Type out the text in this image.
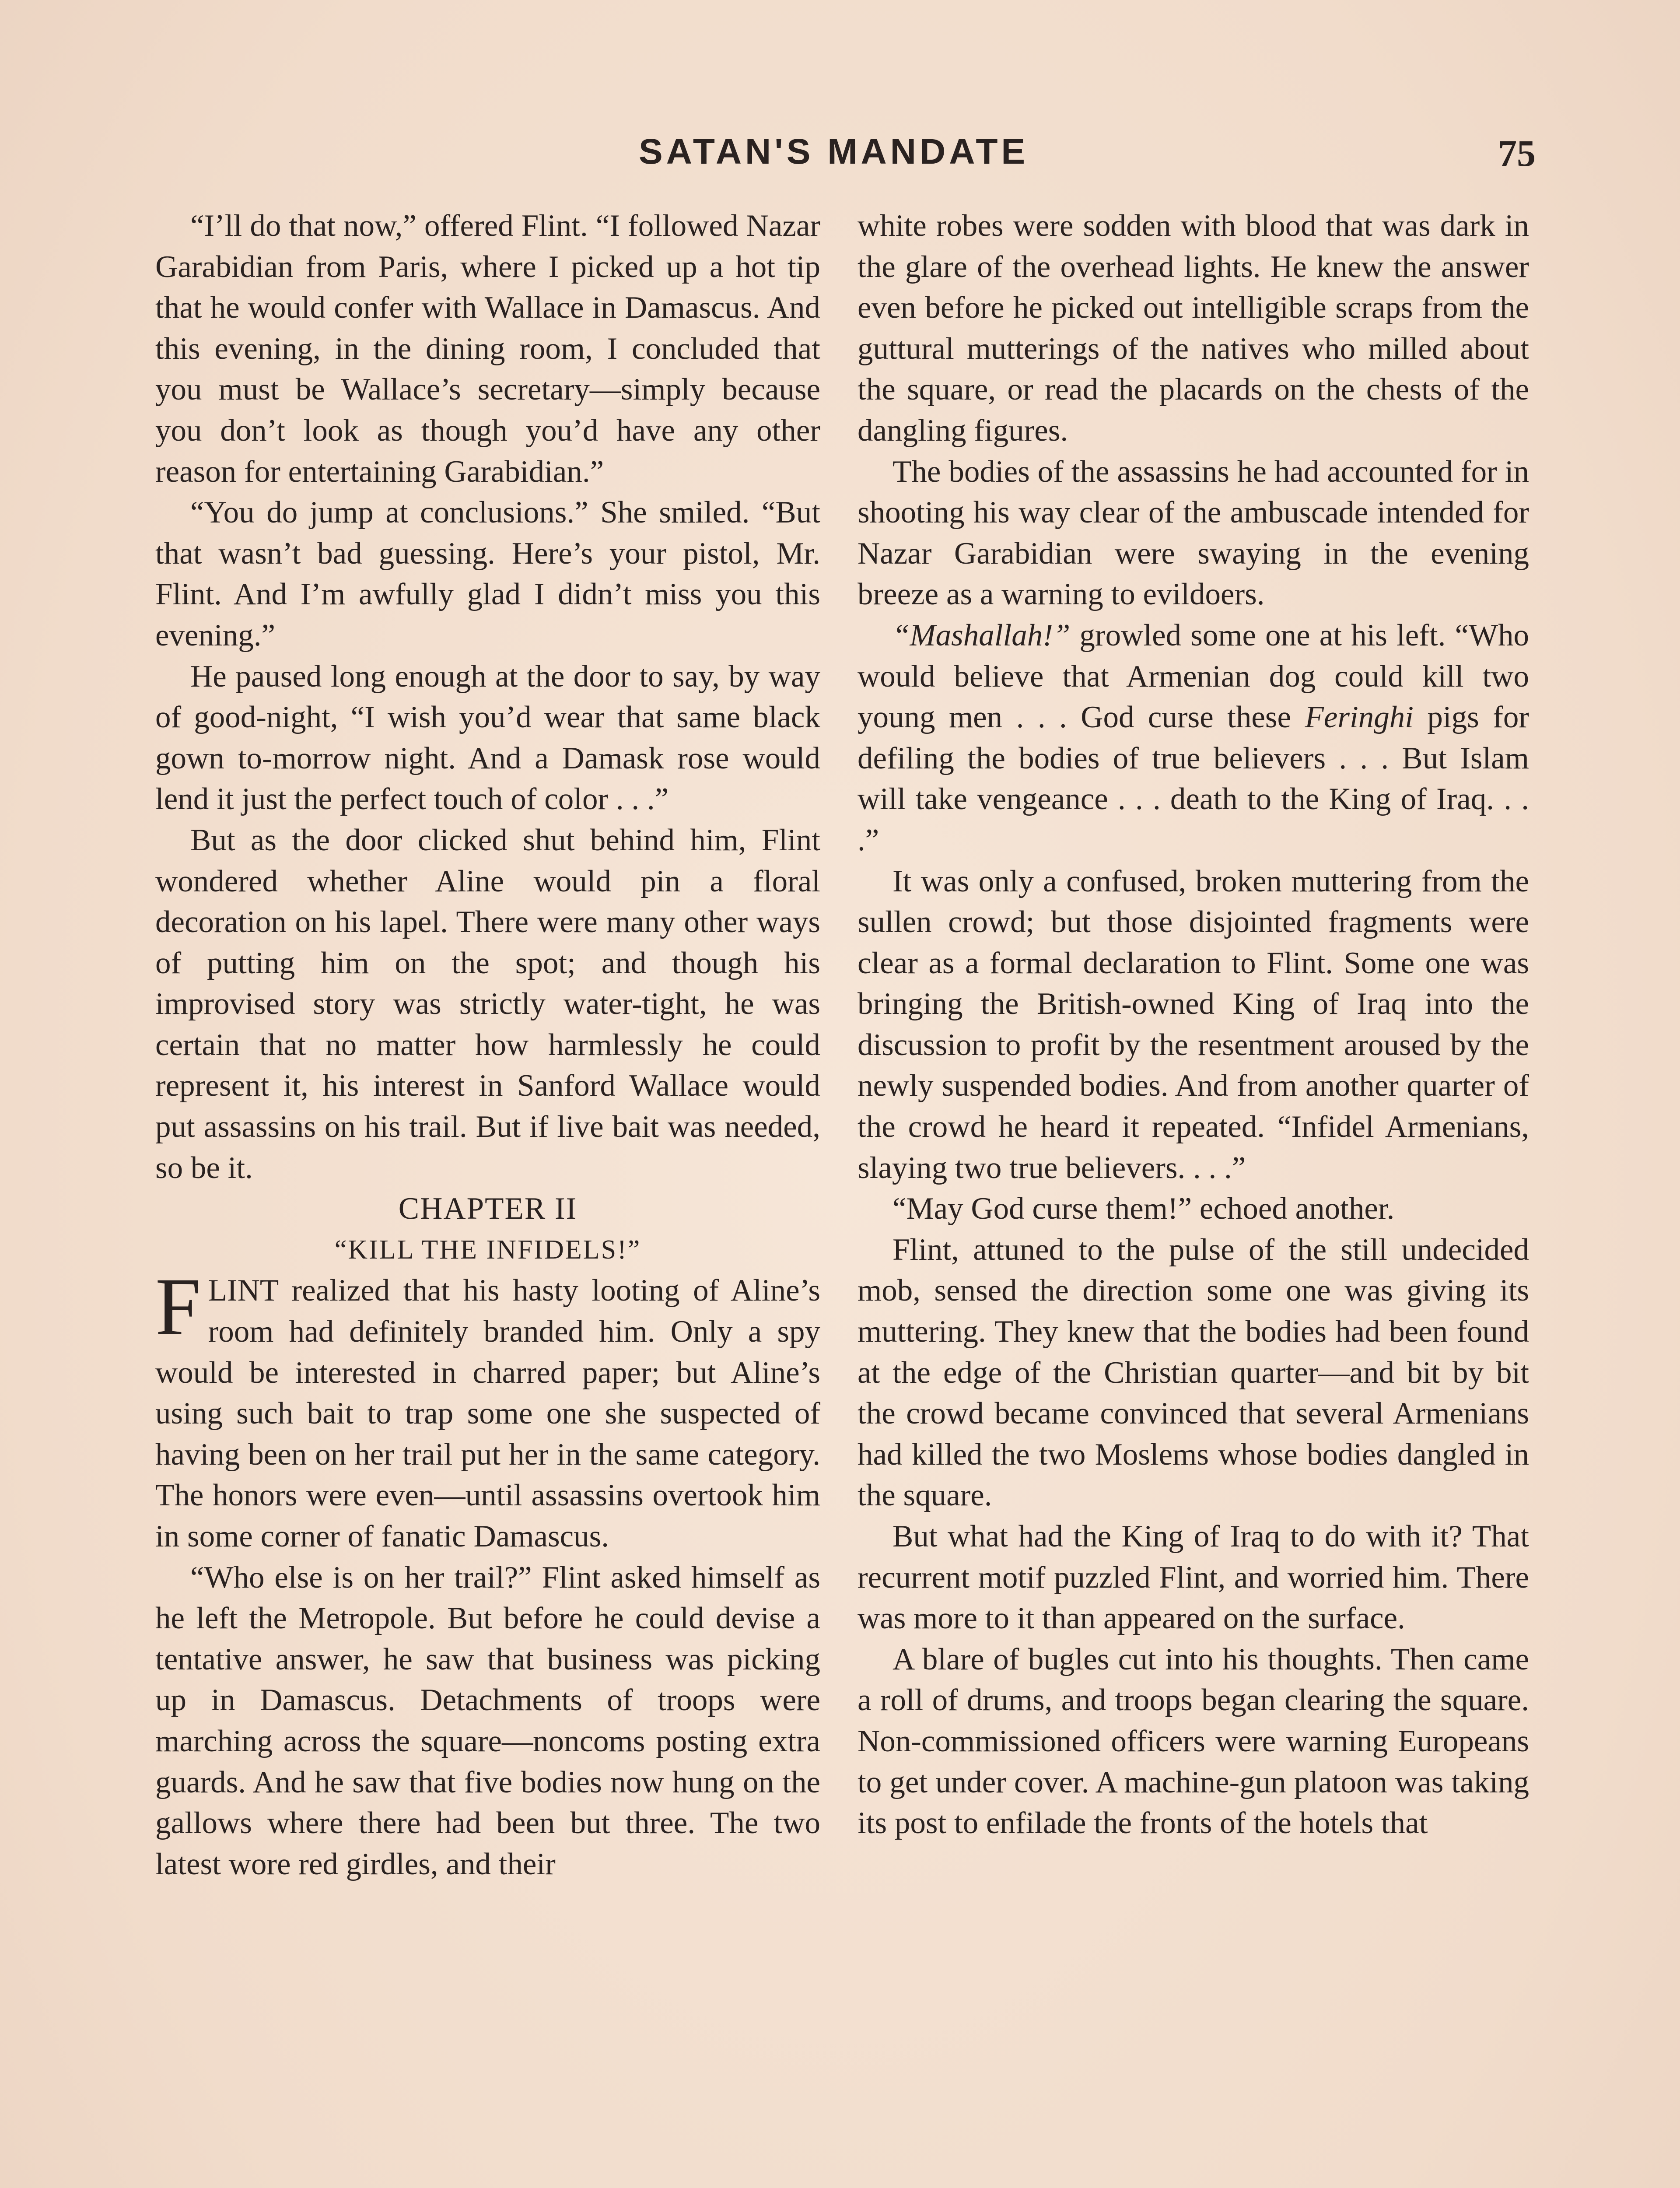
SATAN'S MANDATE	75

“I’ll do that now,” offered Flint. “I followed Nazar Garabidian from Paris, where I picked up a hot tip that he would confer with Wallace in Damascus. And this evening, in the dining room, I concluded that you must be Wallace’s secretary—simply because you don’t look as though you’d have any other reason for entertaining Garabidian.”

“You do jump at conclusions.” She smiled. “But that wasn’t bad guessing. Here’s your pistol, Mr. Flint. And I’m awfully glad I didn’t miss you this evening.”

He paused long enough at the door to say, by way of good-night, “I wish you’d wear that same black gown to-morrow night. And a Damask rose would lend it just the perfect touch of color . . .”

But as the door clicked shut behind him, Flint wondered whether Aline would pin a floral decoration on his lapel. There were many other ways of putting him on the spot; and though his improvised story was strictly water-tight, he was certain that no matter how harmlessly he could represent it, his interest in Sanford Wallace would put assassins on his trail. But if live bait was needed, so be it.

CHAPTER II

“KILL THE INFIDELS!”

FLINT realized that his hasty looting of Aline’s room had definitely branded him. Only a spy would be interested in charred paper; but Aline’s using such bait to trap some one she suspected of having been on her trail put her in the same category. The honors were even—until assassins overtook him in some corner of fanatic Damascus.

“Who else is on her trail?” Flint asked himself as he left the Metropole. But before he could devise a tentative answer, he saw that business was picking up in Damascus. Detachments of troops were marching across the square—noncoms posting extra guards. And he saw that five bodies now hung on the gallows where there had been but three. The two latest wore red girdles, and their

white robes were sodden with blood that was dark in the glare of the overhead lights. He knew the answer even before he picked out intelligible scraps from the guttural mutterings of the natives who milled about the square, or read the placards on the chests of the dangling figures.

The bodies of the assassins he had accounted for in shooting his way clear of the ambuscade intended for Nazar Garabidian were swaying in the evening breeze as a warning to evildoers.

“Mashallah!” growled some one at his left. “Who would believe that Armenian dog could kill two young men . . . God curse these Feringhi pigs for defiling the bodies of true believers . . . But Islam will take vengeance . . . death to the King of Iraq. . . .”

It was only a confused, broken muttering from the sullen crowd; but those disjointed fragments were clear as a formal declaration to Flint. Some one was bringing the British-owned King of Iraq into the discussion to profit by the resentment aroused by the newly suspended bodies. And from another quarter of the crowd he heard it repeated. “Infidel Armenians, slaying two true believers. . . .”

“May God curse them!” echoed another.

Flint, attuned to the pulse of the still undecided mob, sensed the direction some one was giving its muttering. They knew that the bodies had been found at the edge of the Christian quarter—and bit by bit the crowd became convinced that several Armenians had killed the two Moslems whose bodies dangled in the square.

But what had the King of Iraq to do with it? That recurrent motif puzzled Flint, and worried him. There was more to it than appeared on the surface.

A blare of bugles cut into his thoughts. Then came a roll of drums, and troops began clearing the square. Non-commissioned officers were warning Europeans to get under cover. A machine-gun platoon was taking its post to enfilade the fronts of the hotels that
